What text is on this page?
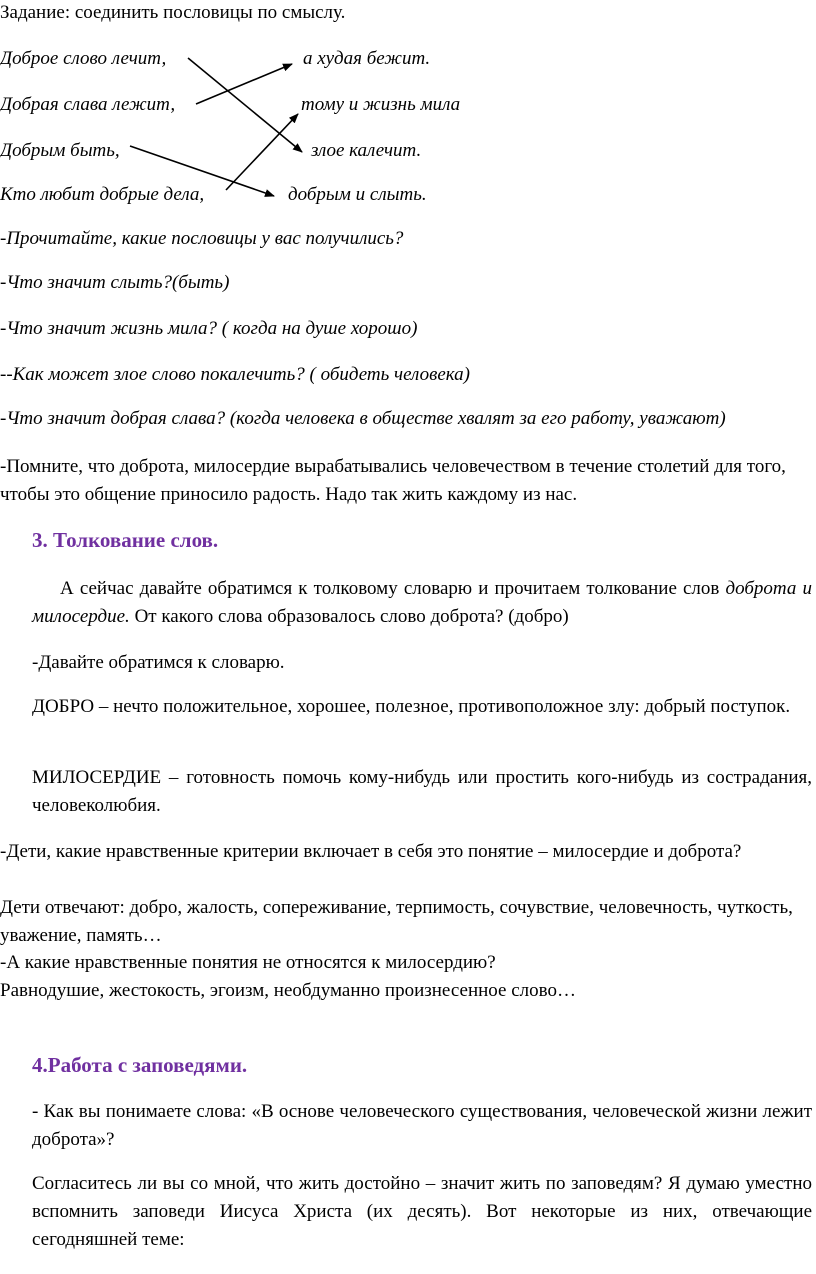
Задание: соединить пословицы по смыслу.
Доброе слово лечит,
Добрая слава лежит,
Добрым быть,
Кто любит добрые дела,
а худая бежит.
тому и жизнь мила
злое калечит.
добрым и слыть.
-Прочитайте, какие пословицы у вас получились?
-Что значит слыть?(быть)
-Что значит жизнь мила? ( когда на душе хорошо)
--Как может злое слово покалечить? ( обидеть человека)
-Что значит добрая слава? (когда человека в обществе хвалят за его работу, уважают)
-Помните, что доброта, милосердие вырабатывались человечеством в течение столетий для того, чтобы это общение приносило радость. Надо так жить каждому из нас.
3. Толкование слов.
А сейчас давайте обратимся к толковому словарю и прочитаем толкование слов доброта и милосердие. От какого слова образовалось слово доброта? (добро)
-Давайте обратимся к словарю.
ДОБРО – нечто положительное, хорошее, полезное, противоположное злу: добрый поступок.
МИЛОСЕРДИЕ – готовность помочь кому-нибудь или простить кого-нибудь из сострадания, человеколюбия.
-Дети, какие нравственные критерии включает в себя это понятие – милосердие и доброта?
Дети отвечают: добро, жалость, сопереживание, терпимость, сочувствие, человечность, чуткость, уважение, память…
-А какие нравственные понятия не относятся к милосердию?
Равнодушие, жестокость, эгоизм, необдуманно произнесенное слово…
4.Работа с заповедями.
- Как вы понимаете слова: «В основе человеческого существования, человеческой жизни лежит доброта»?
Согласитесь ли вы со мной, что жить достойно – значит жить по заповедям? Я думаю уместно вспомнить заповеди Иисуса Христа (их десять). Вот некоторые из них, отвечающие сегодняшней теме:
